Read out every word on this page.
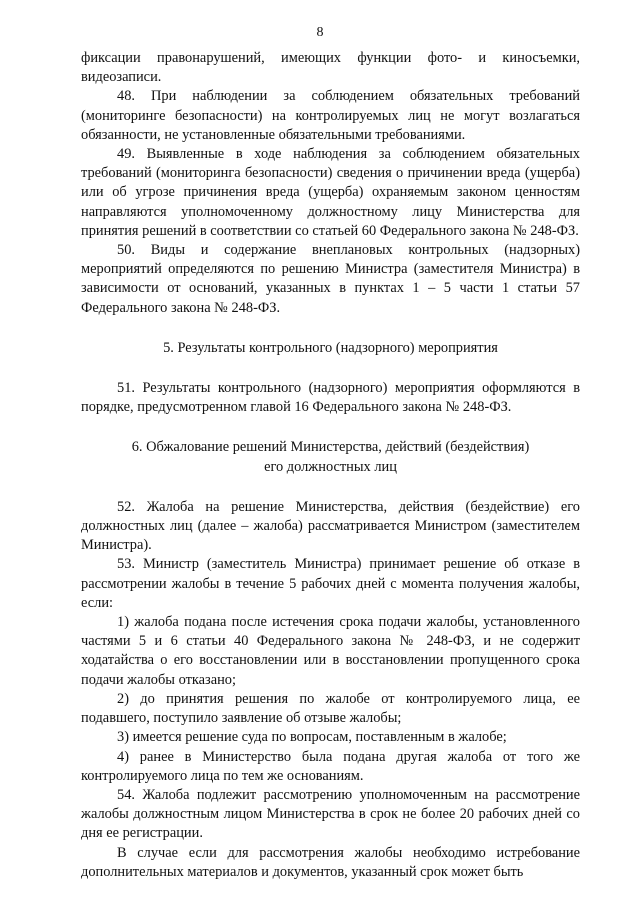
8

фиксации правонарушений, имеющих функции фото- и киносъемки, видеозаписи.

48. При наблюдении за соблюдением обязательных требований (мониторинге безопасности) на контролируемых лиц не могут возлагаться обязанности, не установленные обязательными требованиями.

49. Выявленные в ходе наблюдения за соблюдением обязательных требований (мониторинга безопасности) сведения о причинении вреда (ущерба) или об угрозе причинения вреда (ущерба) охраняемым законом ценностям направляются уполномоченному должностному лицу Министерства для принятия решений в соответствии со статьей 60 Федерального закона № 248-ФЗ.

50. Виды и содержание внеплановых контрольных (надзорных) мероприятий определяются по решению Министра (заместителя Министра) в зависимости от оснований, указанных в пунктах 1 – 5 части 1 статьи 57 Федерального закона № 248-ФЗ.

5. Результаты контрольного (надзорного) мероприятия

51. Результаты контрольного (надзорного) мероприятия оформляются в порядке, предусмотренном главой 16 Федерального закона № 248-ФЗ.

6. Обжалование решений Министерства, действий (бездействия)

его должностных лиц

52. Жалоба на решение Министерства, действия (бездействие) его должностных лиц (далее – жалоба) рассматривается Министром (заместителем Министра).

53. Министр (заместитель Министра) принимает решение об отказе в рассмотрении жалобы в течение 5 рабочих дней с момента получения жалобы, если:

1) жалоба подана после истечения срока подачи жалобы, установленного частями 5 и 6 статьи 40 Федерального закона № 248-ФЗ, и не содержит ходатайства о его восстановлении или в восстановлении пропущенного срока подачи жалобы отказано;

2) до принятия решения по жалобе от контролируемого лица, ее подавшего, поступило заявление об отзыве жалобы;

3) имеется решение суда по вопросам, поставленным в жалобе;

4) ранее в Министерство была подана другая жалоба от того же контролируемого лица по тем же основаниям.

54. Жалоба подлежит рассмотрению уполномоченным на рассмотрение жалобы должностным лицом Министерства в срок не более 20 рабочих дней со дня ее регистрации.

В случае если для рассмотрения жалобы необходимо истребование дополнительных материалов и документов, указанный срок может быть
